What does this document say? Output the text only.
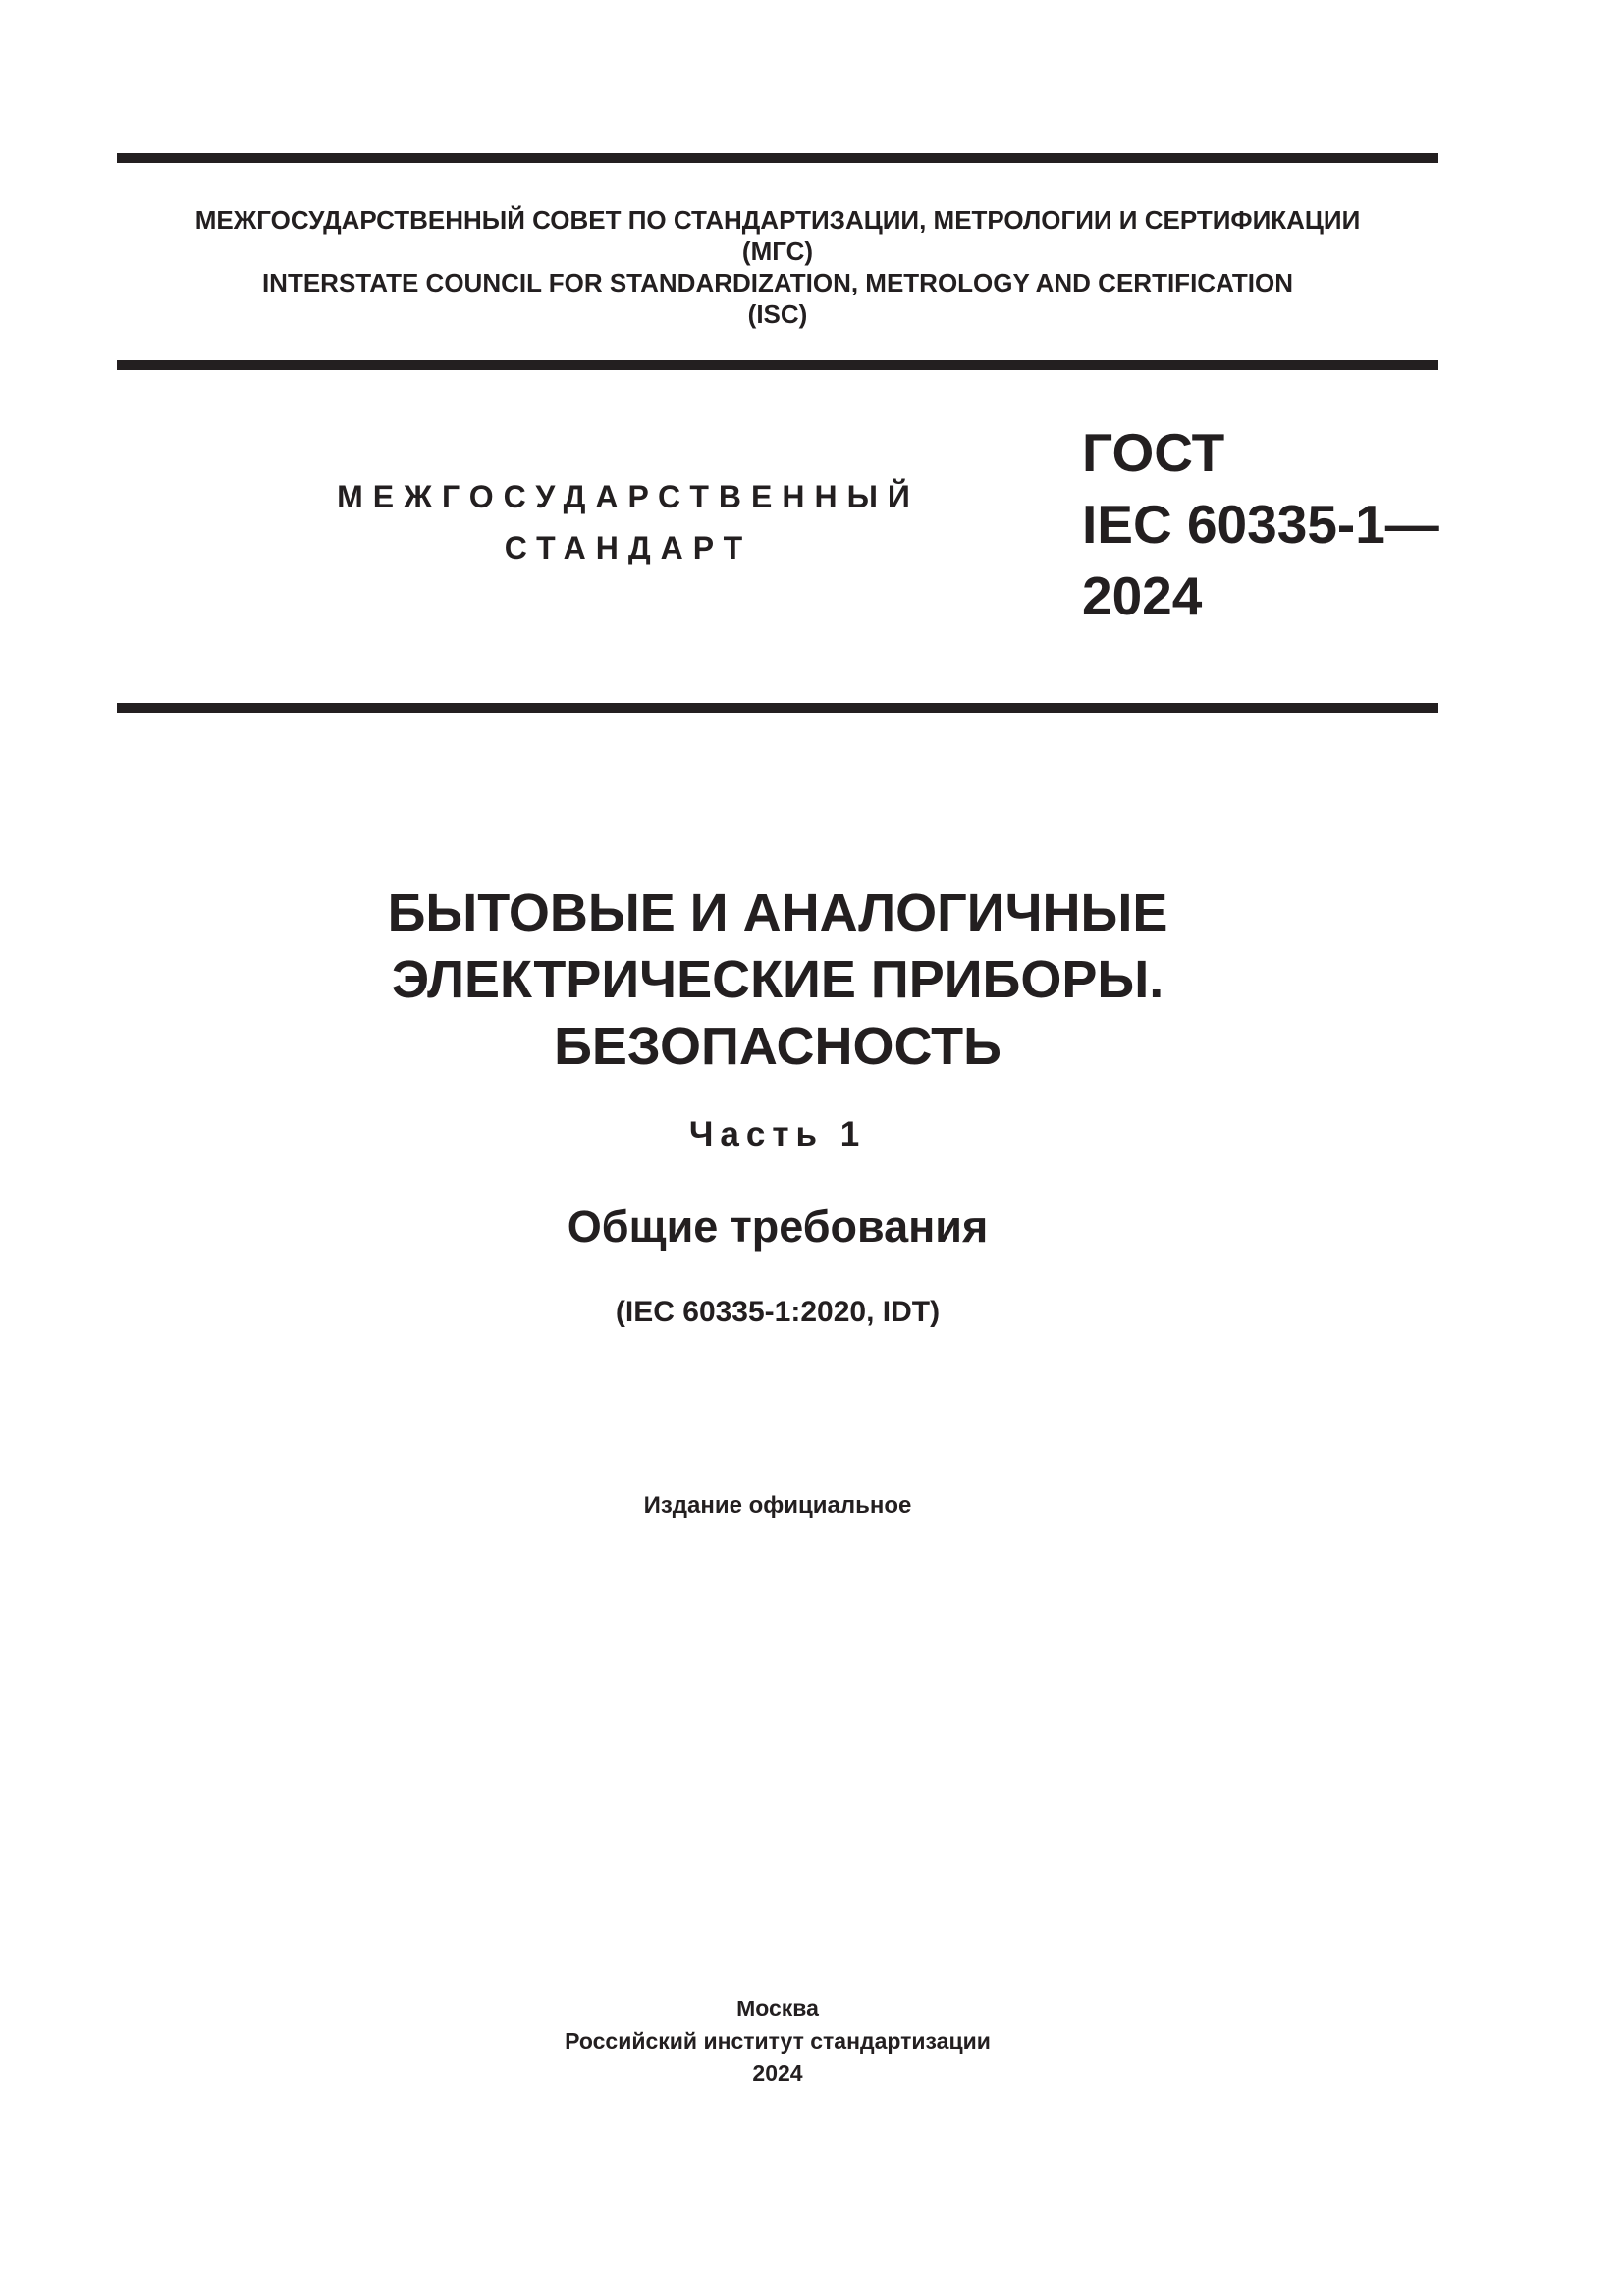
МЕЖГОСУДАРСТВЕННЫЙ СОВЕТ ПО СТАНДАРТИЗАЦИИ, МЕТРОЛОГИИ И СЕРТИФИКАЦИИ
(МГС)
INTERSTATE COUNCIL FOR STANDARDIZATION, METROLOGY AND CERTIFICATION
(ISC)
МЕЖГОСУДАРСТВЕННЫЙ
СТАНДАРТ
ГОСТ
IEC 60335-1—
2024
БЫТОВЫЕ И АНАЛОГИЧНЫЕ
ЭЛЕКТРИЧЕСКИЕ ПРИБОРЫ.
БЕЗОПАСНОСТЬ
Часть 1
Общие требования
(IEC 60335-1:2020, IDT)
Издание официальное
Москва
Российский институт стандартизации
2024
